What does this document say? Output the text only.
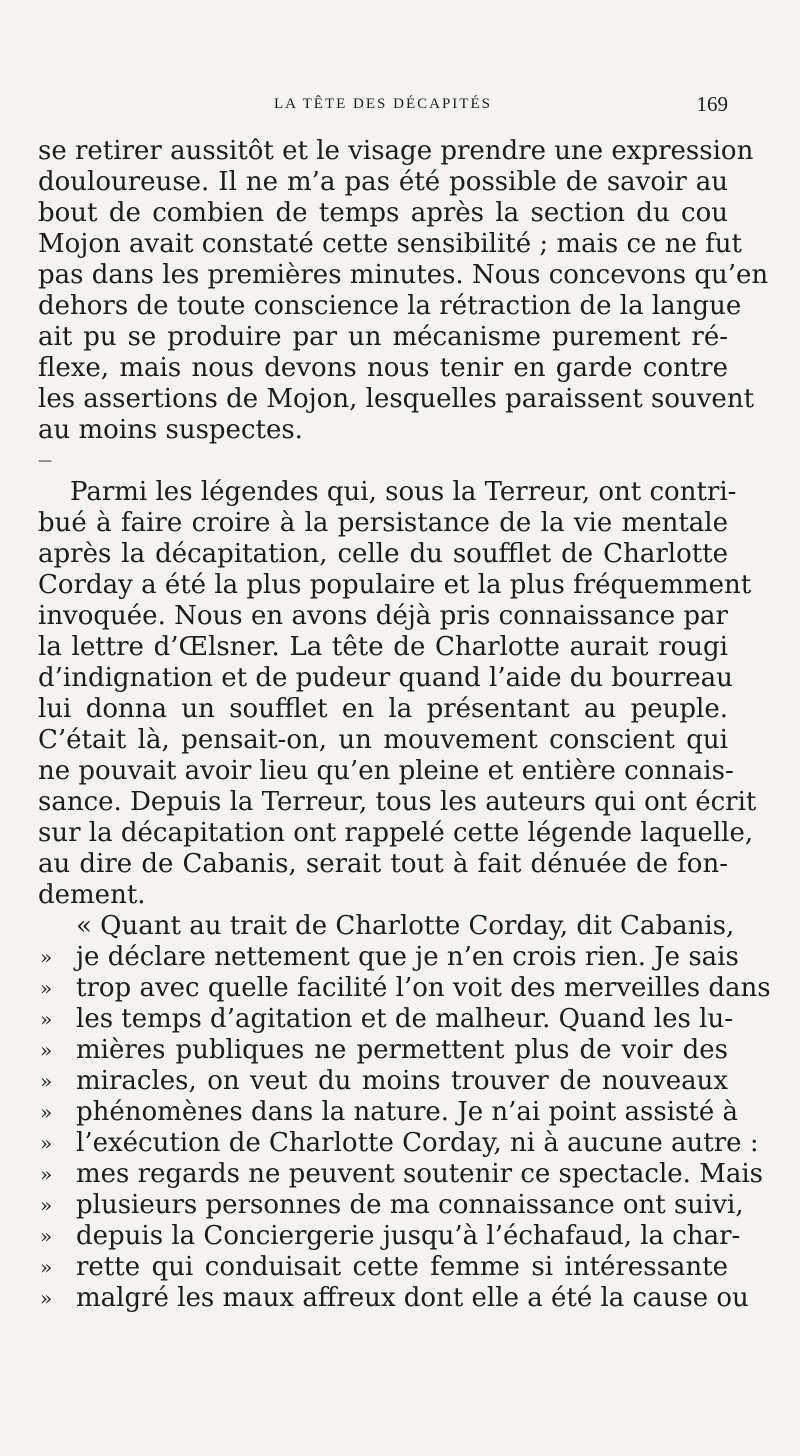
LA TÊTE DES DÉCAPITÉS	169
se retirer aussitôt et le visage prendre une expression
douloureuse. Il ne m’a pas été possible de savoir au
bout de combien de temps après la section du cou
Mojon avait constaté cette sensibilité ; mais ce ne fut
pas dans les premières minutes. Nous concevons qu’en
dehors de toute conscience la rétraction de la langue
ait pu se produire par un mécanisme purement ré-
flexe, mais nous devons nous tenir en garde contre
les assertions de Mojon, lesquelles paraissent souvent
au moins suspectes.
—
Parmi les légendes qui, sous la Terreur, ont contri-
bué à faire croire à la persistance de la vie mentale
après la décapitation, celle du soufflet de Charlotte
Corday a été la plus populaire et la plus fréquemment
invoquée. Nous en avons déjà pris connaissance par
la lettre d’Œlsner. La tête de Charlotte aurait rougi
d’indignation et de pudeur quand l’aide du bourreau
lui donna un soufflet en la présentant au peuple.
C’était là, pensait-on, un mouvement conscient qui
ne pouvait avoir lieu qu’en pleine et entière connais-
sance. Depuis la Terreur, tous les auteurs qui ont écrit
sur la décapitation ont rappelé cette légende laquelle,
au dire de Cabanis, serait tout à fait dénuée de fon-
dement.
« Quant au trait de Charlotte Corday, dit Cabanis,
» je déclare nettement que je n’en crois rien. Je sais
» trop avec quelle facilité l’on voit des merveilles dans
» les temps d’agitation et de malheur. Quand les lu-
» mières publiques ne permettent plus de voir des
» miracles, on veut du moins trouver de nouveaux
» phénomènes dans la nature. Je n’ai point assisté à
» l’exécution de Charlotte Corday, ni à aucune autre :
» mes regards ne peuvent soutenir ce spectacle. Mais
» plusieurs personnes de ma connaissance ont suivi,
» depuis la Conciergerie jusqu’à l’échafaud, la char-
» rette qui conduisait cette femme si intéressante
» malgré les maux affreux dont elle a été la cause ou
